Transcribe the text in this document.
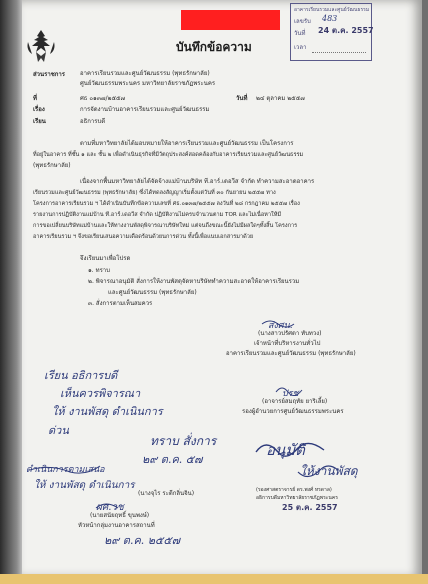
บันทึกข้อความ
อาคารเรียนรวมและศูนย์วัฒนธรรม
เลขรับ 483
วันที่ 24 ต.ค. 2557
เวลา
ส่วนราชการ อาคารเรียนรวมและศูนย์วัฒนธรรม (พุทธรักษาลัย)
ศูนย์วัฒนธรรมพระนคร มหาวิทยาลัยราชภัฏพระนคร
ที่	ศธ ๐๑๓๗/๒๕๕๗	วันที่ ๒๔ ตุลาคม ๒๕๕๗
เรื่อง	การจัดงานบ้านอาคารเรียนรวมและศูนย์วัฒนธรรม
เรียน	อธิการบดี
ตามที่มหาวิทยาลัยได้มอบหมายให้อาคารเรียนรวมและศูนย์วัฒนธรรม เป็นโครงการ
ที่อยู่ในอาคาร ที่ชั้น ๑ และ ชั้น ๒ เพื่อดำเนินธุรกิจที่มีวัตถุประสงค์สอดคล้องกับอาคารเรียนรวมและศูนย์วัฒนธรรม
(พุทธรักษาลัย)
เนื่องจากพื้นมหาวิทยาลัยได้จัดจ้างแม่บ้านบริษัท ที.อาร์.เดอวีส จำกัด ทำความสะอาดอาคาร
เรียนรวมและศูนย์วัฒนธรรม (พุทธรักษาลัย) ซึ่งได้ทดลงสัญญาเริ่มตั้งแต่วันที่ ๓๐ กันยายน ๒๕๕๗ ทาง
โครงการอาคารเรียนรวม ฯ ได้ดำเนินบันทึกข้อความเลขที่ ศธ.๐๑๓๗/๒๕๕๗ ลงวันที่ ๒๘ กรกฎาคม ๒๕๕๗ เรื่อง
รายงานการปฏิบัติงานแม่บ้าน ที.อาร์.เดอวีส จำกัด ปฏิบัติงานไม่ครบจำนวนตาม TOR และไม่เนื่อหาให้มี
การขอเปลี่ยนบริษัทแม่บ้านและให้ทางงานพัสดุพิจารณาบริษัทใหม่ แต่จนถึงขณะนี้ยังไม่มีผลใดๆทั้งสิ้น โครงการ
อาคารเรียนรวม ฯ จึงขอเรียนเสนอความเดือดร้อนด้วยนการด่วน ทั้งนี้เพื่อแนบเอกสารมาด้วย
จึงเรียนมาเพื่อโปรด
๑. ทราบ
๒. พิจารณาอนุมัติ สั่งการให้งานพัสดุจัดหาบริษัททำความสะอาดให้อาคารเรียนรวม
และศูนย์วัฒนธรรม (พุทธรักษาลัย)
๓. สั่งการตามเห็นสมควร
ส่งศน.
(นางสาวปรัศดา ทับทวง)
เจ้าหน้าที่บริหารงานทั่วไป
อาคารเรียนรวมและศูนย์วัฒนธรรม (พุทธรักษาลัย)
เรียน อธิการบดี
เห็นควรพิจารณา
ให้ งานพัสดุ ดำเนินการ
ด่วน
ปรช
(อาจารย์สมฤทัย ยาริเลี้ย)
รองผู้อำนวยการศูนย์วัฒนธรรมพระนคร
ทราบ สั่งการ
๒๙ ต.ค. ๕๗
อนุมัติ
ให้งานพัสดุ
ดำเนินการตามเสนอ
ให้ งานพัสดุ ดำเนินการ
(นางจุไร ระดีกลิ่นจิน)	(รองศาสตราจารย์ ดร.พงศ์ หรดาล)
อธิการบดีมหาวิทยาลัยราชภัฏพระนคร
25 ต.ค. 2557
ผศ.วช
(นายสนัยฤทธิ์ ขุนพงษ์)
หัวหน้ากลุ่มงานอาคารสถานที่
๒๙ ต.ค. ๒๕๕๗
